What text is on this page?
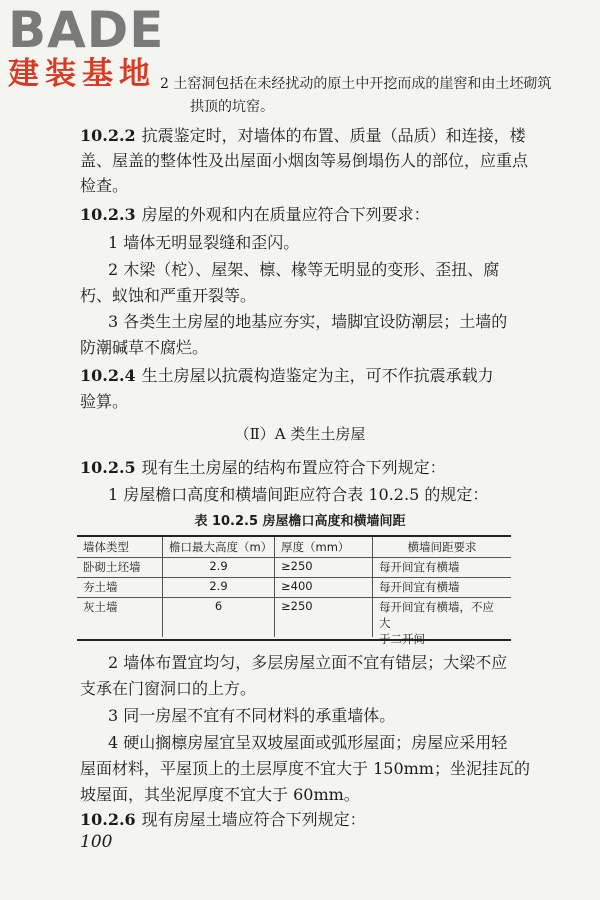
BADE
建装基地 2 土窑洞包括在未经扰动的原土中开挖而成的崖窖和由土坯砌筑
拱顶的坑窑。
10.2.2 抗震鉴定时，对墙体的布置、质量（品质）和连接，楼
盖、屋盖的整体性及出屋面小烟囱等易倒塌伤人的部位，应重点
检查。
10.2.3 房屋的外观和内在质量应符合下列要求：
1 墙体无明显裂缝和歪闪。
2 木梁（柁）、屋架、檩、椽等无明显的变形、歪扭、腐
朽、蚁蚀和严重开裂等。
3 各类生土房屋的地基应夯实，墙脚宜设防潮层；土墙的
防潮碱草不腐烂。
10.2.4 生土房屋以抗震构造鉴定为主，可不作抗震承载力
验算。
（Ⅱ）A 类生土房屋
10.2.5 现有生土房屋的结构布置应符合下列规定：
1 房屋檐口高度和横墙间距应符合表 10.2.5 的规定：
表 10.2.5 房屋檐口高度和横墙间距
墙体类型	檐口最大高度（m） 厚度（mm）	横墙间距要求
卧砌土坯墙	2.9	≥250	每开间宜有横墙
夯土墙	2.9	≥400	每开间宜有横墙
灰土墙	6	≥250	每开间宜有横墙，不应大
于二开间
2 墙体布置宜均匀，多层房屋立面不宜有错层；大梁不应
支承在门窗洞口的上方。
3 同一房屋不宜有不同材料的承重墙体。
4 硬山搁檩房屋宜呈双坡屋面或弧形屋面；房屋应采用轻
屋面材料，平屋顶上的土层厚度不宜大于 150mm；坐泥挂瓦的
坡屋面，其坐泥厚度不宜大于 60mm。
10.2.6 现有房屋土墙应符合下列规定：
100
